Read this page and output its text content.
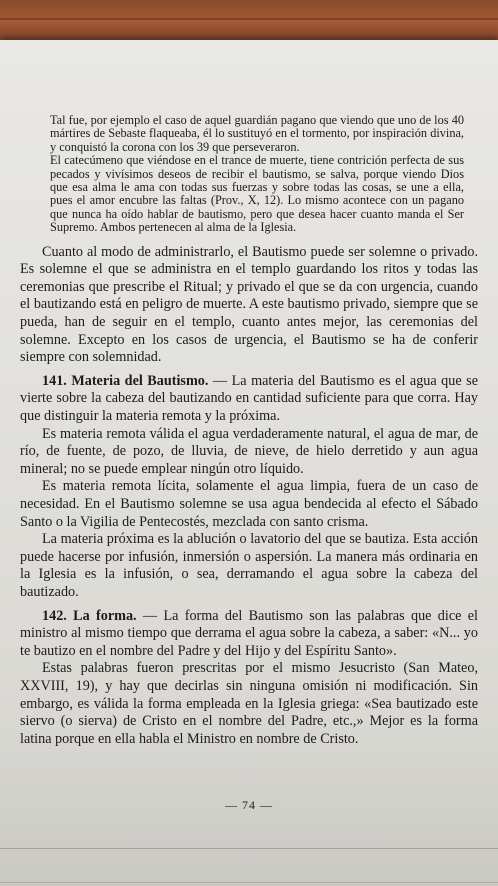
Tal fue, por ejemplo el caso de aquel guardián pagano que viendo que uno de los 40 mártires de Sebaste flaqueaba, él lo sustituyó en el tormento, por inspiración divina, y conquistó la corona con los 39 que perseveraron.

El catecúmeno que viéndose en el trance de muerte, tiene contrición perfecta de sus pecados y vivísimos deseos de recibir el bautismo, se salva, porque viendo Dios que esa alma le ama con todas sus fuerzas y sobre todas las cosas, se une a ella, pues el amor encubre las faltas (Prov., X, 12). Lo mismo acontece con un pagano que nunca ha oído hablar de bautismo, pero que desea hacer cuanto manda el Ser Supremo. Ambos pertenecen al alma de la Iglesia.

Cuanto al modo de administrarlo, el Bautismo puede ser solemne o privado. Es solemne el que se administra en el templo guardando los ritos y todas las ceremonias que prescribe el Ritual; y privado el que se da con urgencia, cuando el bautizando está en peligro de muerte. A este bautismo privado, siempre que se pueda, han de seguir en el templo, cuanto antes mejor, las ceremonias del solemne. Excepto en los casos de urgencia, el Bautismo se ha de conferir siempre con solemnidad.

141. Materia del Bautismo. — La materia del Bautismo es el agua que se vierte sobre la cabeza del bautizando en cantidad suficiente para que corra. Hay que distinguir la materia remota y la próxima.

Es materia remota válida el agua verdaderamente natural, el agua de mar, de río, de fuente, de pozo, de lluvia, de nieve, de hielo derretido y aun agua mineral; no se puede emplear ningún otro líquido.

Es materia remota lícita, solamente el agua limpia, fuera de un caso de necesidad. En el Bautismo solemne se usa agua bendecida al efecto el Sábado Santo o la Vigilia de Pentecostés, mezclada con santo crisma.

La materia próxima es la ablución o lavatorio del que se bautiza. Esta acción puede hacerse por infusión, inmersión o aspersión. La manera más ordinaria en la Iglesia es la infusión, o sea, derramando el agua sobre la cabeza del bautizado.

142. La forma. — La forma del Bautismo son las palabras que dice el ministro al mismo tiempo que derrama el agua sobre la cabeza, a saber: «N... yo te bautizo en el nombre del Padre y del Hijo y del Espíritu Santo».

Estas palabras fueron prescritas por el mismo Jesucristo (San Mateo, XXVIII, 19), y hay que decirlas sin ninguna omisión ni modificación. Sin embargo, es válida la forma empleada en la Iglesia griega: «Sea bautizado este siervo (o sierva) de Cristo en el nombre del Padre, etc.,» Mejor es la forma latina porque en ella habla el Ministro en nombre de Cristo.

— 74 —
